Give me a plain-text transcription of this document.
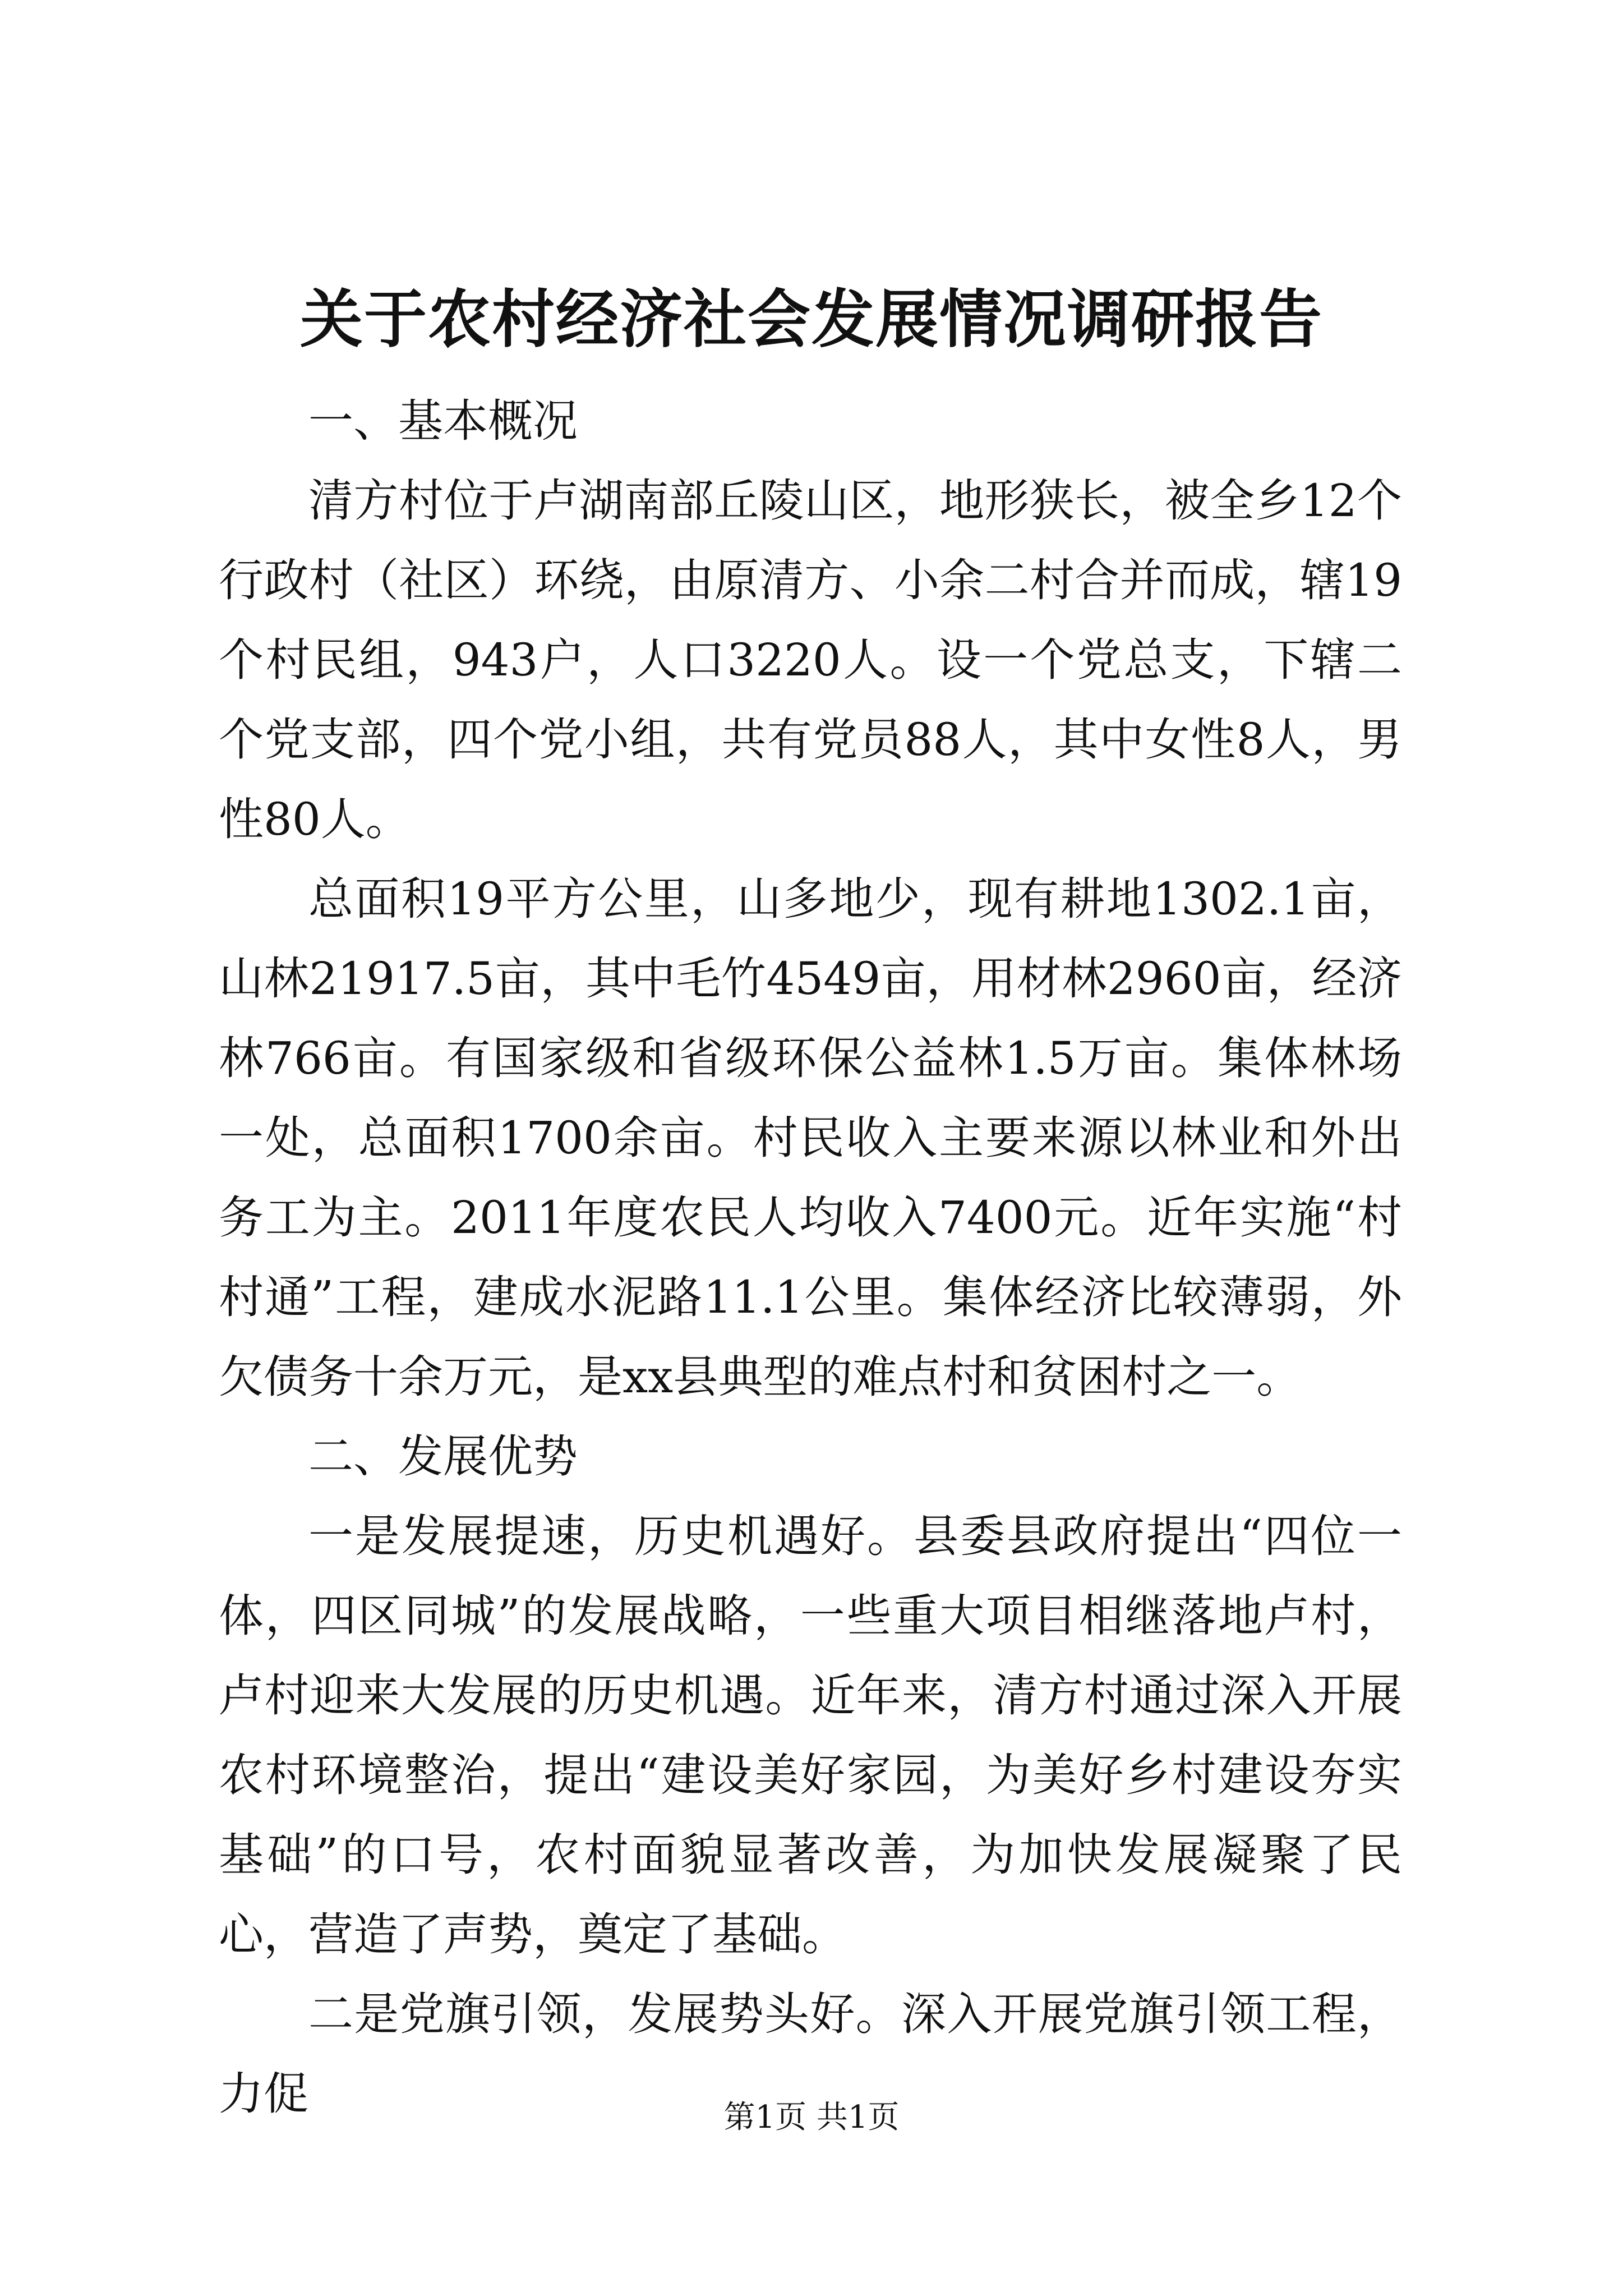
关于农村经济社会发展情况调研报告

一、基本概况

清方村位于卢湖南部丘陵山区，地形狭长，被全乡12个行政村（社区）环绕，由原清方、小余二村合并而成，辖19个村民组，943户，人口3220人。设一个党总支，下辖二个党支部，四个党小组，共有党员88人，其中女性8人，男性80人。

总面积19平方公里，山多地少，现有耕地1302.1亩，山林21917.5亩，其中毛竹4549亩，用材林2960亩，经济林766亩。有国家级和省级环保公益林1.5万亩。集体林场一处，总面积1700余亩。村民收入主要来源以林业和外出务工为主。2011年度农民人均收入7400元。近年实施“村村通”工程，建成水泥路11.1公里。集体经济比较薄弱，外欠债务十余万元，是xx县典型的难点村和贫困村之一。

二、发展优势

一是发展提速，历史机遇好。县委县政府提出“四位一体，四区同城”的发展战略，一些重大项目相继落地卢村，卢村迎来大发展的历史机遇。近年来，清方村通过深入开展农村环境整治，提出“建设美好家园，为美好乡村建设夯实基础”的口号，农村面貌显著改善，为加快发展凝聚了民心，营造了声势，奠定了基础。

二是党旗引领，发展势头好。深入开展党旗引领工程，力促	第1页 共1页
